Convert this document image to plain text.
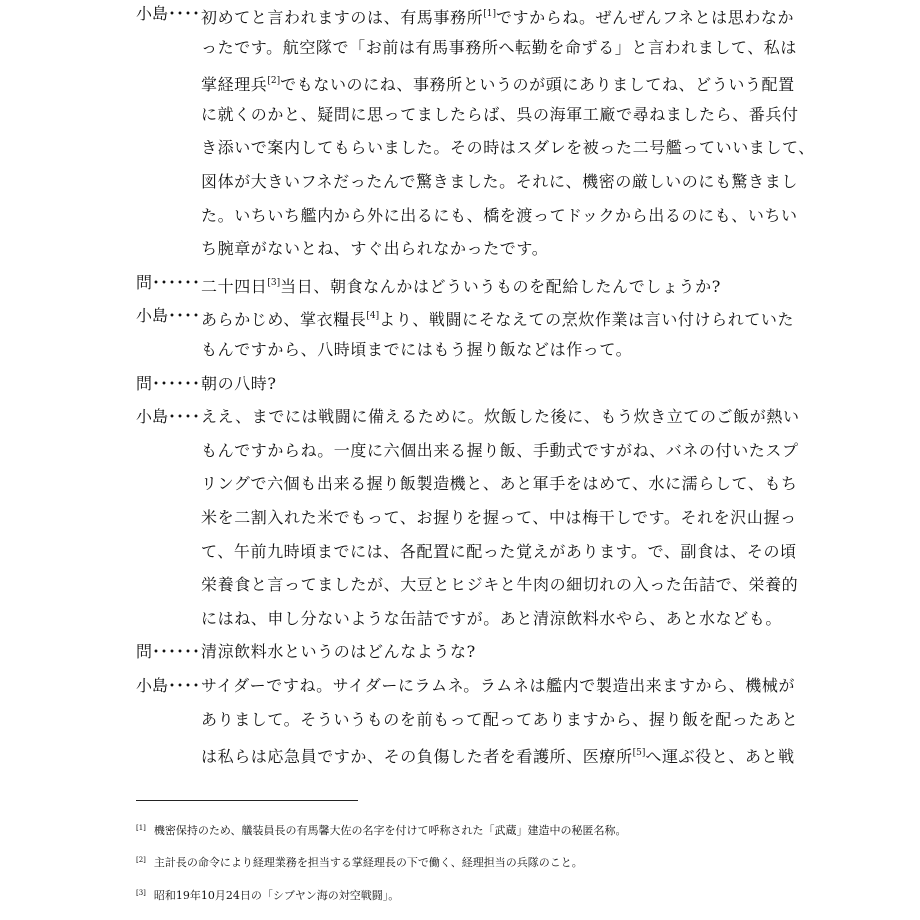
小島････ 初めてと言われますのは、有馬事務所[1]ですからね。ぜんぜんフネとは思わなか
ったです。航空隊で「お前は有馬事務所へ転勤を命ずる」と言われまして、私は
掌経理兵[2]でもないのにね、事務所というのが頭にありましてね、どういう配置
に就くのかと、疑問に思ってましたらば、呉の海軍工廠で尋ねましたら、番兵付
き添いで案内してもらいました。その時はスダレを被った二号艦っていいまして、
図体が大きいフネだったんで驚きました。それに、機密の厳しいのにも驚きまし
た。いちいち艦内から外に出るにも、橋を渡ってドックから出るのにも、いちい
ち腕章がないとね、すぐ出られなかったです。
問･･････ 二十四日[3]当日、朝食なんかはどういうものを配給したんでしょうか?
小島････ あらかじめ、掌衣糧長[4]より、戦闘にそなえての烹炊作業は言い付けられていた
もんですから、八時頃までにはもう握り飯などは作って。
問･･････ 朝の八時?
小島････ ええ、までには戦闘に備えるために。炊飯した後に、もう炊き立てのご飯が熱い
もんですからね。一度に六個出来る握り飯、手動式ですがね、バネの付いたスプ
リングで六個も出来る握り飯製造機と、あと軍手をはめて、水に濡らして、もち
米を二割入れた米でもって、お握りを握って、中は梅干しです。それを沢山握っ
て、午前九時頃までには、各配置に配った覚えがあります。で、副食は、その頃
栄養食と言ってましたが、大豆とヒジキと牛肉の細切れの入った缶詰で、栄養的
にはね、申し分ないような缶詰ですが。あと清涼飲料水やら、あと水なども。
問･･････ 清涼飲料水というのはどんなような?
小島････ サイダーですね。サイダーにラムネ。ラムネは艦内で製造出来ますから、機械が
ありまして。そういうものを前もって配ってありますから、握り飯を配ったあと
は私らは応急員ですか、その負傷した者を看護所、医療所[5]へ運ぶ役と、あと戦
[1] 機密保持のため、艤装員長の有馬馨大佐の名字を付けて呼称された「武蔵」建造中の秘匿名称。
[2] 主計長の命令により経理業務を担当する掌経理長の下で働く、経理担当の兵隊のこと。
[3] 昭和19年10月24日の「シブヤン海の対空戦闘」。
